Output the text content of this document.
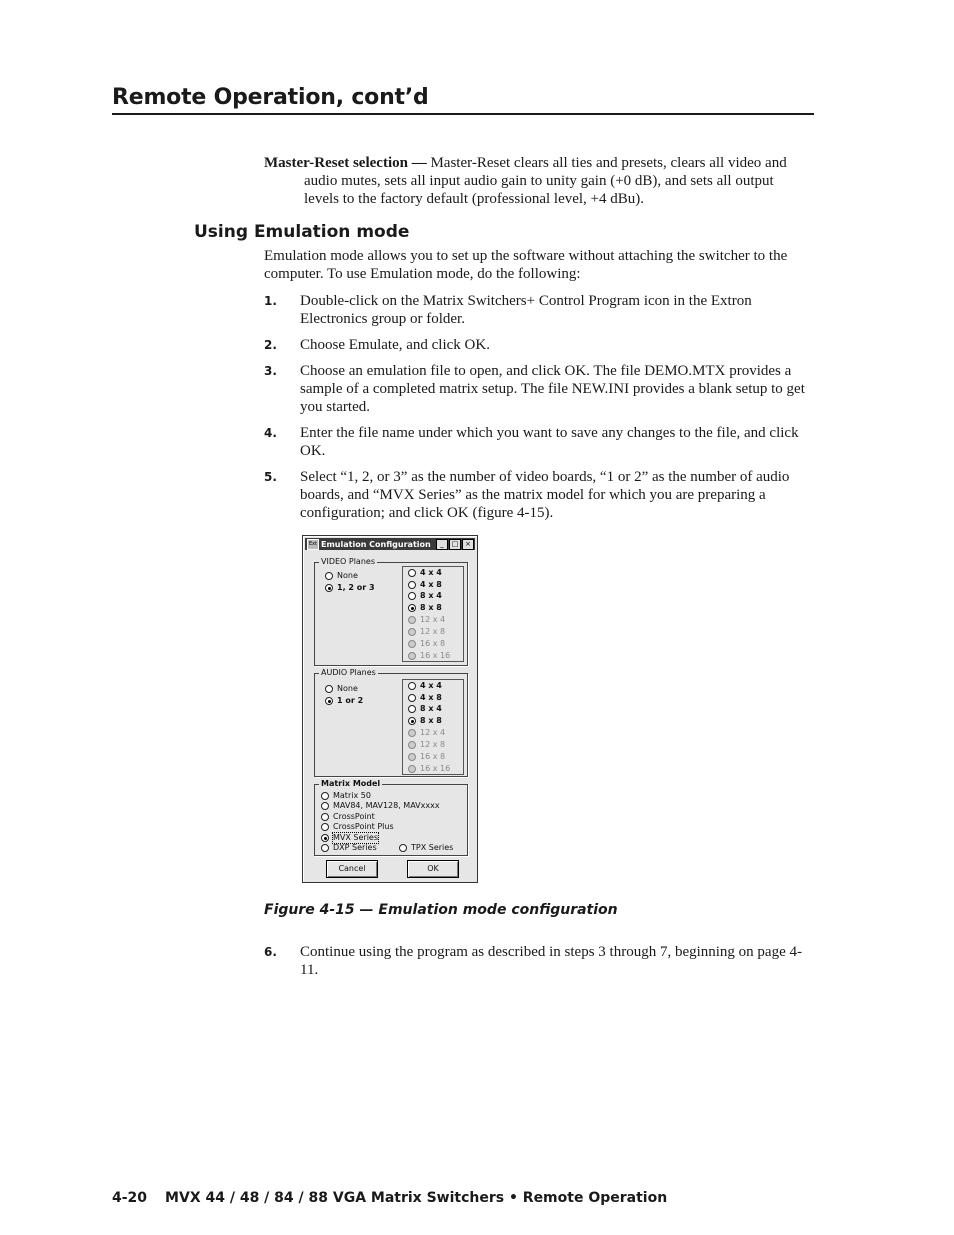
Remote Operation, cont’d
Master-Reset selection — Master-Reset clears all ties and presets, clears all video and audio mutes, sets all input audio gain to unity gain (+0 dB), and sets all output levels to the factory default (professional level, +4 dBu).
Using Emulation mode
Emulation mode allows you to set up the software without attaching the switcher to the computer. To use Emulation mode, do the following:
1.	Double-click on the Matrix Switchers+ Control Program icon in the Extron Electronics group or folder.
2.	Choose Emulate, and click OK.
3.	Choose an emulation file to open, and click OK. The file DEMO.MTX provides a sample of a completed matrix setup. The file NEW.INI provides a blank setup to get you started.
4.	Enter the file name under which you want to save any changes to the file, and click OK.
5.	Select “1, 2, or 3” as the number of video boards, “1 or 2” as the number of audio boards, and “MVX Series” as the matrix model for which you are preparing a configuration; and click OK (figure 4-15).
Ext Emulation Configuration	_	□ ×
VIDEO Planes
None
1, 2 or 3
4 x 4
4 x 8
8 x 4
8 x 8
12 x 4
12 x 8
16 x 8
16 x 16
AUDIO Planes
None
1 or 2
4 x 4
4 x 8
8 x 4
8 x 8
12 x 4
12 x 8
16 x 8
16 x 16
Matrix Model
Matrix 50
MAV84, MAV128, MAVxxxx
CrossPoint
CrossPoint Plus
MVX Series
DXP Series	TPX Series
Cancel	OK

Figure 4-15 — Emulation mode configuration

6.	Continue using the program as described in steps 3 through 7, beginning on page 4-11.
4-20 MVX 44 / 48 / 84 / 88 VGA Matrix Switchers • Remote Operation
